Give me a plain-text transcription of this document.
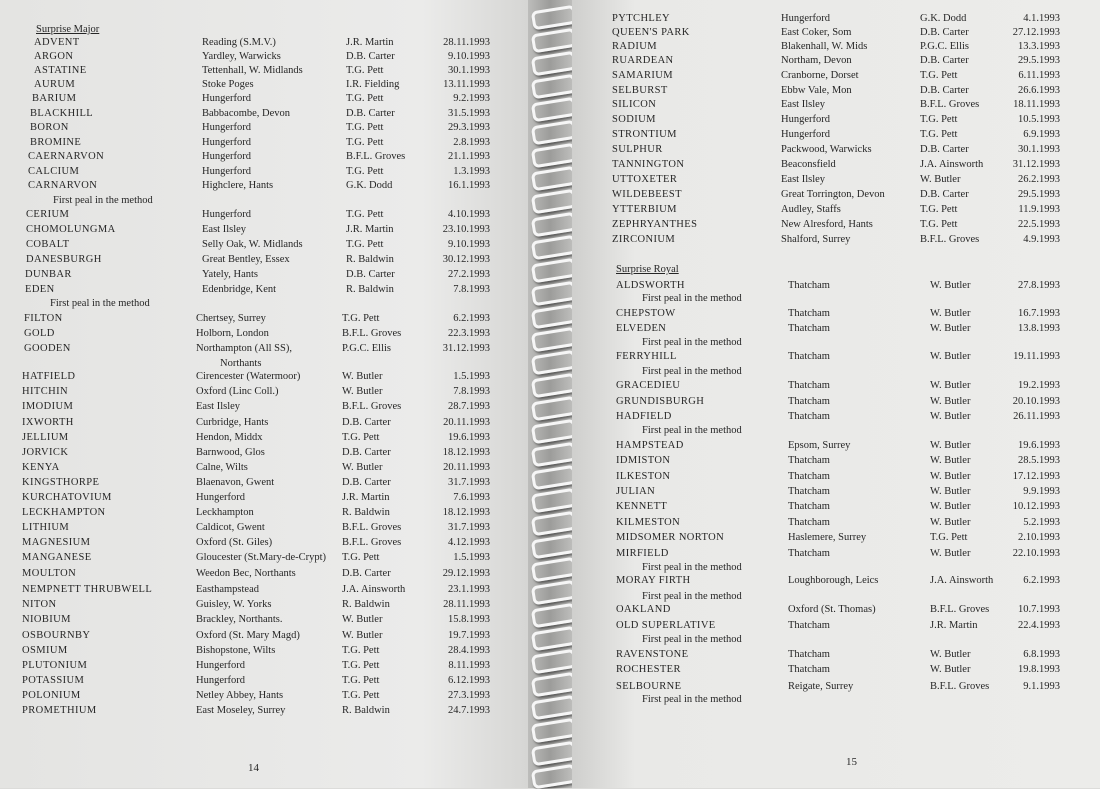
Surprise Major
ADVENT	Reading (S.M.V.)	J.R. Martin	28.11.1993
ARGON	Yardley, Warwicks	D.B. Carter	9.10.1993
ASTATINE	Tettenhall, W. Midlands	T.G. Pett	30.1.1993
AURUM	Stoke Poges	I.R. Fielding	13.11.1993
BARIUM	Hungerford	T.G. Pett	9.2.1993
BLACKHILL	Babbacombe, Devon	D.B. Carter	31.5.1993
BORON	Hungerford	T.G. Pett	29.3.1993
BROMINE	Hungerford	T.G. Pett	2.8.1993
CAERNARVON	Hungerford	B.F.L. Groves	21.1.1993
CALCIUM	Hungerford	T.G. Pett	1.3.1993
CARNARVON	Highclere, Hants	G.K. Dodd	16.1.1993
CERIUM	Hungerford	T.G. Pett	4.10.1993
CHOMOLUNGMA	East Ilsley	J.R. Martin	23.10.1993
COBALT	Selly Oak, W. Midlands	T.G. Pett	9.10.1993
DANESBURGH	Great Bentley, Essex	R. Baldwin	30.12.1993
DUNBAR	Yately, Hants	D.B. Carter	27.2.1993
EDEN	Edenbridge, Kent	R. Baldwin	7.8.1993
FILTON	Chertsey, Surrey	T.G. Pett	6.2.1993
GOLD	Holborn, London	B.F.L. Groves	22.3.1993
GOODEN	Northampton (All SS),	P.G.C. Ellis	31.12.1993
HATFIELD	Cirencester (Watermoor)	W. Butler	1.5.1993
HITCHIN	Oxford (Linc Coll.)	W. Butler	7.8.1993
IMODIUM	East Ilsley	B.F.L. Groves	28.7.1993
IXWORTH	Curbridge, Hants	D.B. Carter	20.11.1993
JELLIUM	Hendon, Middx	T.G. Pett	19.6.1993
JORVICK	Barnwood, Glos	D.B. Carter	18.12.1993
KENYA	Calne, Wilts	W. Butler	20.11.1993
KINGSTHORPE	Blaenavon, Gwent	D.B. Carter	31.7.1993
KURCHATOVIUM	Hungerford	J.R. Martin	7.6.1993
LECKHAMPTON	Leckhampton	R. Baldwin	18.12.1993
LITHIUM	Caldicot, Gwent	B.F.L. Groves	31.7.1993
MAGNESIUM	Oxford (St. Giles)	B.F.L. Groves	4.12.1993
MANGANESE	Gloucester (St.Mary-de-Crypt) T.G. Pett	1.5.1993
MOULTON	Weedon Bec, Northants	D.B. Carter	29.12.1993
NEMPNETT THRUBWELL	Easthampstead	J.A. Ainsworth	23.1.1993
NITON	Guisley, W. Yorks	R. Baldwin	28.11.1993
NIOBIUM	Brackley, Northants.	W. Butler	15.8.1993
OSBOURNBY	Oxford (St. Mary Magd)	W. Butler	19.7.1993
OSMIUM	Bishopstone, Wilts	T.G. Pett	28.4.1993
PLUTONIUM	Hungerford	T.G. Pett	8.11.1993
POTASSIUM	Hungerford	T.G. Pett	6.12.1993
POLONIUM	Netley Abbey, Hants	T.G. Pett	27.3.1993
PROMETHIUM	East Moseley, Surrey	R. Baldwin	24.7.1993
First peal in the method
First peal in the method
Northants
14
PYTCHLEY	Hungerford	G.K. Dodd	4.1.1993
QUEEN'S PARK	East Coker, Som	D.B. Carter	27.12.1993
RADIUM	Blakenhall, W. Mids	P.G.C. Ellis	13.3.1993
RUARDEAN	Northam, Devon	D.B. Carter	29.5.1993
SAMARIUM	Cranborne, Dorset	T.G. Pett	6.11.1993
SELBURST	Ebbw Vale, Mon	D.B. Carter	26.6.1993
SILICON	East Ilsley	B.F.L. Groves	18.11.1993
SODIUM	Hungerford	T.G. Pett	10.5.1993
STRONTIUM	Hungerford	T.G. Pett	6.9.1993
SULPHUR	Packwood, Warwicks	D.B. Carter	30.1.1993
TANNINGTON	Beaconsfield	J.A. Ainsworth	31.12.1993
UTTOXETER	East Ilsley	W. Butler	26.2.1993
WILDEBEEST	Great Torrington, Devon	D.B. Carter	29.5.1993
YTTERBIUM	Audley, Staffs	T.G. Pett	11.9.1993
ZEPHRYANTHES	New Alresford, Hants	T.G. Pett	22.5.1993
ZIRCONIUM	Shalford, Surrey	B.F.L. Groves	4.9.1993
Surprise Royal
ALDSWORTH	Thatcham	W. Butler	27.8.1993
CHEPSTOW	Thatcham	W. Butler	16.7.1993
ELVEDEN	Thatcham	W. Butler	13.8.1993
FERRYHILL	Thatcham	W. Butler	19.11.1993
GRACEDIEU	Thatcham	W. Butler	19.2.1993
GRUNDISBURGH	Thatcham	W. Butler	20.10.1993
HADFIELD	Thatcham	W. Butler	26.11.1993
HAMPSTEAD	Epsom, Surrey	W. Butler	19.6.1993
IDMISTON	Thatcham	W. Butler	28.5.1993
ILKESTON	Thatcham	W. Butler	17.12.1993
JULIAN	Thatcham	W. Butler	9.9.1993
KENNETT	Thatcham	W. Butler	10.12.1993
KILMESTON	Thatcham	W. Butler	5.2.1993
MIDSOMER NORTON	Haslemere, Surrey	T.G. Pett	2.10.1993
MIRFIELD	Thatcham	W. Butler	22.10.1993
MORAY FIRTH	Loughborough, Leics	J.A. Ainsworth	6.2.1993
OAKLAND	Oxford (St. Thomas)	B.F.L. Groves	10.7.1993
OLD SUPERLATIVE	Thatcham	J.R. Martin	22.4.1993
RAVENSTONE	Thatcham	W. Butler	6.8.1993
ROCHESTER	Thatcham	W. Butler	19.8.1993
SELBOURNE	Reigate, Surrey	B.F.L. Groves	9.1.1993
First peal in the method
First peal in the method
First peal in the method
First peal in the method
First peal in the method
First peal in the method
First peal in the method
First peal in the method
15
